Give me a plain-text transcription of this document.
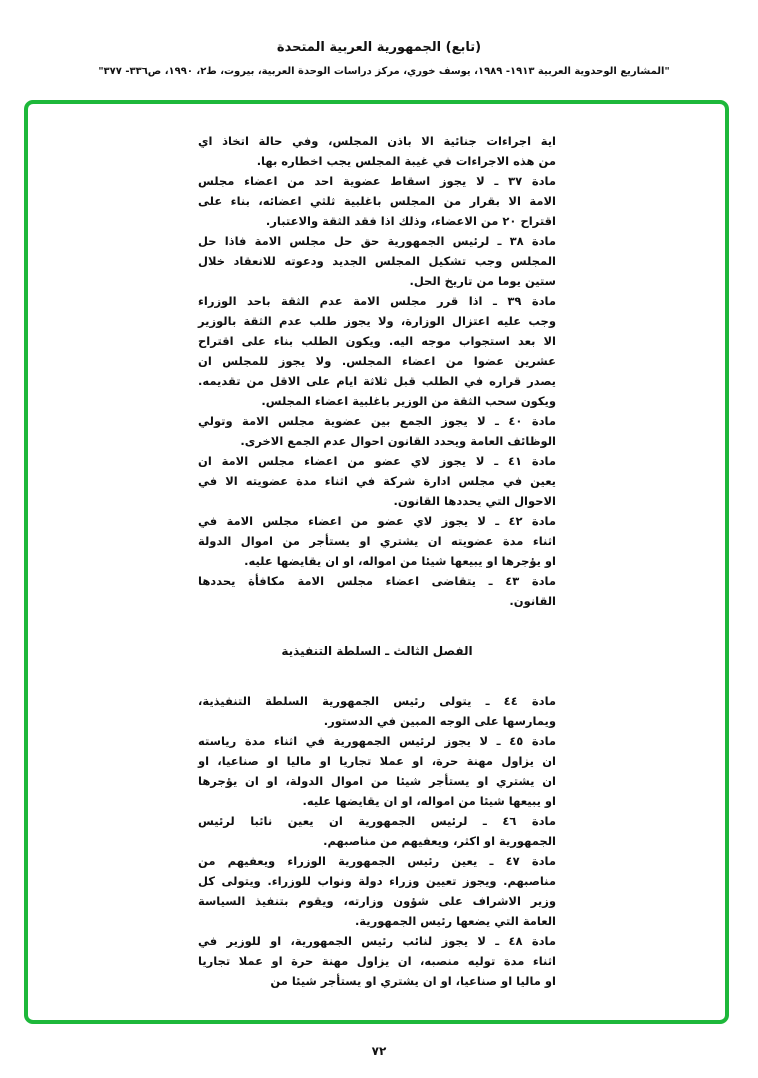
(تابع) الجمهورية العربية المتحدة
"المشاريع الوحدوية العربية ١٩١٣- ١٩٨٩، يوسف خوري، مركز دراسات الوحدة العربية، بيروت، ط٢، ١٩٩٠، ص٣٣٦- ٣٧٧"
اية اجراءات جنائية الا باذن المجلس، وفي حالة اتخاذ اي
من هذه الاجراءات في غيبة المجلس يجب اخطاره بها.
مادة ٣٧ ـ لا يجوز اسقاط عضوية احد من اعضاء مجلس
الامة الا بقرار من المجلس باغلبية ثلثي اعضائه، بناء على
اقتراح ٢٠ من الاعضاء، وذلك اذا فقد الثقة والاعتبار.
مادة ٣٨ ـ لرئيس الجمهورية حق حل مجلس الامة فاذا حل
المجلس وجب تشكيل المجلس الجديد ودعوته للانعقاد خلال
ستين يوما من تاريخ الحل.
مادة ٣٩ ـ اذا قرر مجلس الامة عدم الثقة باحد الوزراء
وجب عليه اعتزال الوزارة، ولا يجوز طلب عدم الثقة بالوزير
الا بعد استجواب موجه اليه. ويكون الطلب بناء على اقتراح
عشرين عضوا من اعضاء المجلس. ولا يجوز للمجلس ان
يصدر قراره في الطلب قبل ثلاثة ايام على الاقل من تقديمه.
ويكون سحب الثقة من الوزير باغلبية اعضاء المجلس.
مادة ٤٠ ـ لا يجوز الجمع بين عضوية مجلس الامة وتولي
الوظائف العامة ويحدد القانون احوال عدم الجمع الاخرى.
مادة ٤١ ـ لا يجوز لاي عضو من اعضاء مجلس الامة ان
يعين في مجلس ادارة شركة في اثناء مدة عضويته الا في
الاحوال التي يحددها القانون.
مادة ٤٢ ـ لا يجوز لاي عضو من اعضاء مجلس الامة في
اثناء مدة عضويته ان يشتري او يستأجر من اموال الدولة
او يؤجرها او يبيعها شيئا من امواله، او ان يقايضها عليه.
مادة ٤٣ ـ يتقاضى اعضاء مجلس الامة مكافأة يحددها
القانون.
الفصل الثالث ـ السلطة التنفيذية
مادة ٤٤ ـ يتولى رئيس الجمهورية السلطة التنفيذية،
ويمارسها على الوجه المبين في الدستور.
مادة ٤٥ ـ لا يجوز لرئيس الجمهورية في اثناء مدة رياسته
ان يزاول مهنة حرة، او عملا تجاريا او ماليا او صناعيا، او
ان يشتري او يستأجر شيئا من اموال الدولة، او ان يؤجرها
او يبيعها شيئا من امواله، او ان يقايضها عليه.
مادة ٤٦ ـ لرئيس الجمهورية ان يعين نائبا لرئيس
الجمهورية او اكثر، ويعفيهم من مناصبهم.
مادة ٤٧ ـ يعين رئيس الجمهورية الوزراء ويعفيهم من
مناصبهم. ويجوز تعيين وزراء دولة ونواب للوزراء. ويتولى كل
وزير الاشراف على شؤون وزارته، ويقوم بتنفيذ السياسة
العامة التي يضعها رئيس الجمهورية.
مادة ٤٨ ـ لا يجوز لنائب رئيس الجمهورية، او للوزير في
اثناء مدة توليه منصبه، ان يزاول مهنة حرة او عملا تجاريا
او ماليا او صناعيا، او ان يشتري او يستأجر شيئا من
٧٢
